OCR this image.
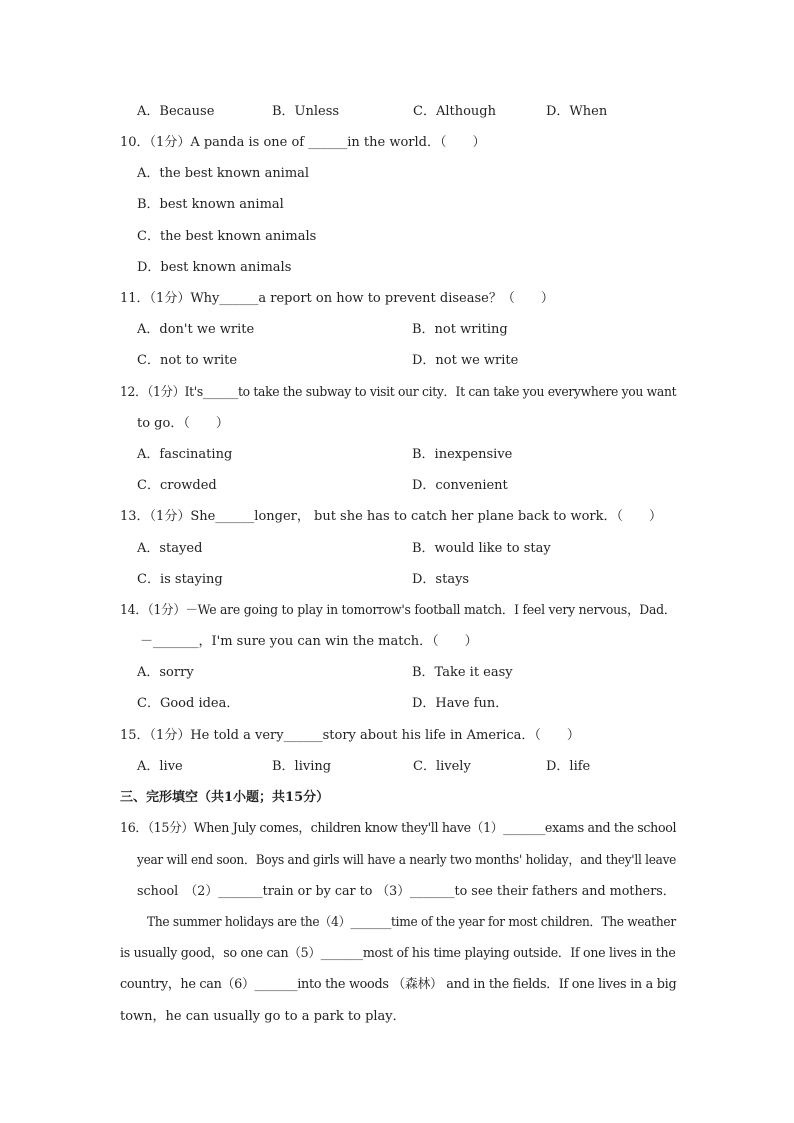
A．Because	B．Unless	C．Although	D．When
10．（1分）A panda is one of ______in the world．（　　）
A．the best known animal
B．best known animal
C．the best known animals
D．best known animals
11．（1分）Why______a report on how to prevent disease？（　　）
A．don't we write	B．not writing
C．not to write	D．not we write
12．（1分）It's______to take the subway to visit our city．It can take you everywhere you want
to go．（　　）
A．fascinating	B．inexpensive
C．crowded	D．convenient
13．（1分）She______longer， but she has to catch her plane back to work．（　　）
A．stayed	B．would like to stay
C．is staying	D．stays
14．（1分）－We are going to play in tomorrow's football match．I feel very nervous，Dad．
－_______，I'm sure you can win the match．（　　）
A．sorry	B．Take it easy
C．Good idea．	D．Have fun．
15．（1分）He told a very______story about his life in America．（　　）
A．live	B．living	C．lively	D．life
三、完形填空（共1小题；共15分）
16．（15分）When July comes，children know they'll have（1）_______exams and the school
year will end soon．Boys and girls will have a nearly two months' holiday，and they'll leave
school　（2）_______train or by car to （3）_______to see their fathers and mothers．
The summer holidays are the（4）_______time of the year for most children．The weather
is usually good，so one can（5）_______most of his time playing outside．If one lives in the
country，he can（6）_______into the woods （森林） and in the fields．If one lives in a big
town，he can usually go to a park to play．
